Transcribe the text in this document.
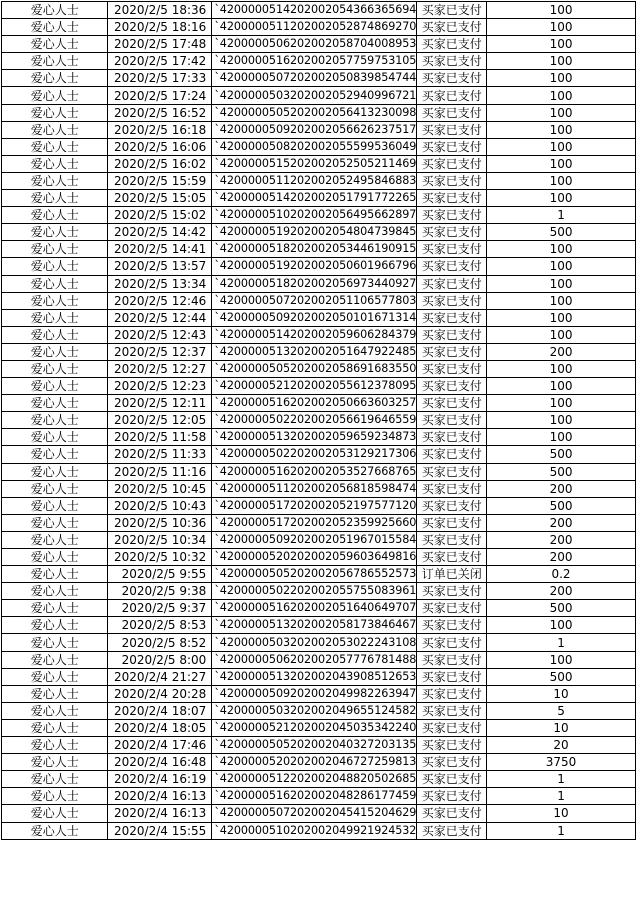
爱心人士	2020/2/5 18:36	`4200000514202002054366365694	买家已支付	100
爱心人士	2020/2/5 18:16	`4200000511202002052874869270	买家已支付	100
爱心人士	2020/2/5 17:48	`4200000506202002058704008953	买家已支付	100
爱心人士	2020/2/5 17:42	`4200000516202002057759753105	买家已支付	100
爱心人士	2020/2/5 17:33	`4200000507202002050839854744	买家已支付	100
爱心人士	2020/2/5 17:24	`4200000503202002052940996721	买家已支付	100
爱心人士	2020/2/5 16:52	`4200000505202002056413230098	买家已支付	100
爱心人士	2020/2/5 16:18	`4200000509202002056626237517	买家已支付	100
爱心人士	2020/2/5 16:06	`4200000508202002055599536049	买家已支付	100
爱心人士	2020/2/5 16:02	`4200000515202002052505211469	买家已支付	100
爱心人士	2020/2/5 15:59	`4200000511202002052495846883	买家已支付	100
爱心人士	2020/2/5 15:05	`4200000514202002051791772265	买家已支付	100
爱心人士	2020/2/5 15:02	`4200000510202002056495662897	买家已支付	1
爱心人士	2020/2/5 14:42	`4200000519202002054804739845	买家已支付	500
爱心人士	2020/2/5 14:41	`4200000518202002053446190915	买家已支付	100
爱心人士	2020/2/5 13:57	`4200000519202002050601966796	买家已支付	100
爱心人士	2020/2/5 13:34	`4200000518202002056973440927	买家已支付	100
爱心人士	2020/2/5 12:46	`4200000507202002051106577803	买家已支付	100
爱心人士	2020/2/5 12:44	`4200000509202002050101671314	买家已支付	100
爱心人士	2020/2/5 12:43	`4200000514202002059606284379	买家已支付	100
爱心人士	2020/2/5 12:37	`4200000513202002051647922485	买家已支付	200
爱心人士	2020/2/5 12:27	`4200000505202002058691683550	买家已支付	100
爱心人士	2020/2/5 12:23	`4200000521202002055612378095	买家已支付	100
爱心人士	2020/2/5 12:11	`4200000516202002050663603257	买家已支付	100
爱心人士	2020/2/5 12:05	`4200000502202002056619646559	买家已支付	100
爱心人士	2020/2/5 11:58	`4200000513202002059659234873	买家已支付	100
爱心人士	2020/2/5 11:33	`4200000502202002053129217306	买家已支付	500
爱心人士	2020/2/5 11:16	`4200000516202002053527668765	买家已支付	500
爱心人士	2020/2/5 10:45	`4200000511202002056818598474	买家已支付	200
爱心人士	2020/2/5 10:43	`4200000517202002052197577120	买家已支付	500
爱心人士	2020/2/5 10:36	`4200000517202002052359925660	买家已支付	200
爱心人士	2020/2/5 10:34	`4200000509202002051967015584	买家已支付	200
爱心人士	2020/2/5 10:32	`4200000520202002059603649816	买家已支付	200
爱心人士	2020/2/5 9:55	`4200000505202002056786552573	订单已关闭	0.2
爱心人士	2020/2/5 9:38	`4200000502202002055755083961	买家已支付	200
爱心人士	2020/2/5 9:37	`4200000516202002051640649707	买家已支付	500
爱心人士	2020/2/5 8:53	`4200000513202002058173846467	买家已支付	100
爱心人士	2020/2/5 8:52	`4200000503202002053022243108	买家已支付	1
爱心人士	2020/2/5 8:00	`4200000506202002057776781488	买家已支付	100
爱心人士	2020/2/4 21:27	`4200000513202002043908512653	买家已支付	500
爱心人士	2020/2/4 20:28	`4200000509202002049982263947	买家已支付	10
爱心人士	2020/2/4 18:07	`4200000503202002049655124582	买家已支付	5
爱心人士	2020/2/4 18:05	`4200000521202002045035342240	买家已支付	10
爱心人士	2020/2/4 17:46	`4200000505202002040327203135	买家已支付	20
爱心人士	2020/2/4 16:48	`4200000520202002046727259813	买家已支付	3750
爱心人士	2020/2/4 16:19	`4200000512202002048820502685	买家已支付	1
爱心人士	2020/2/4 16:13	`4200000516202002048286177459	买家已支付	1
爱心人士	2020/2/4 16:13	`4200000507202002045415204629	买家已支付	10
爱心人士	2020/2/4 15:55	`4200000510202002049921924532	买家已支付	1
